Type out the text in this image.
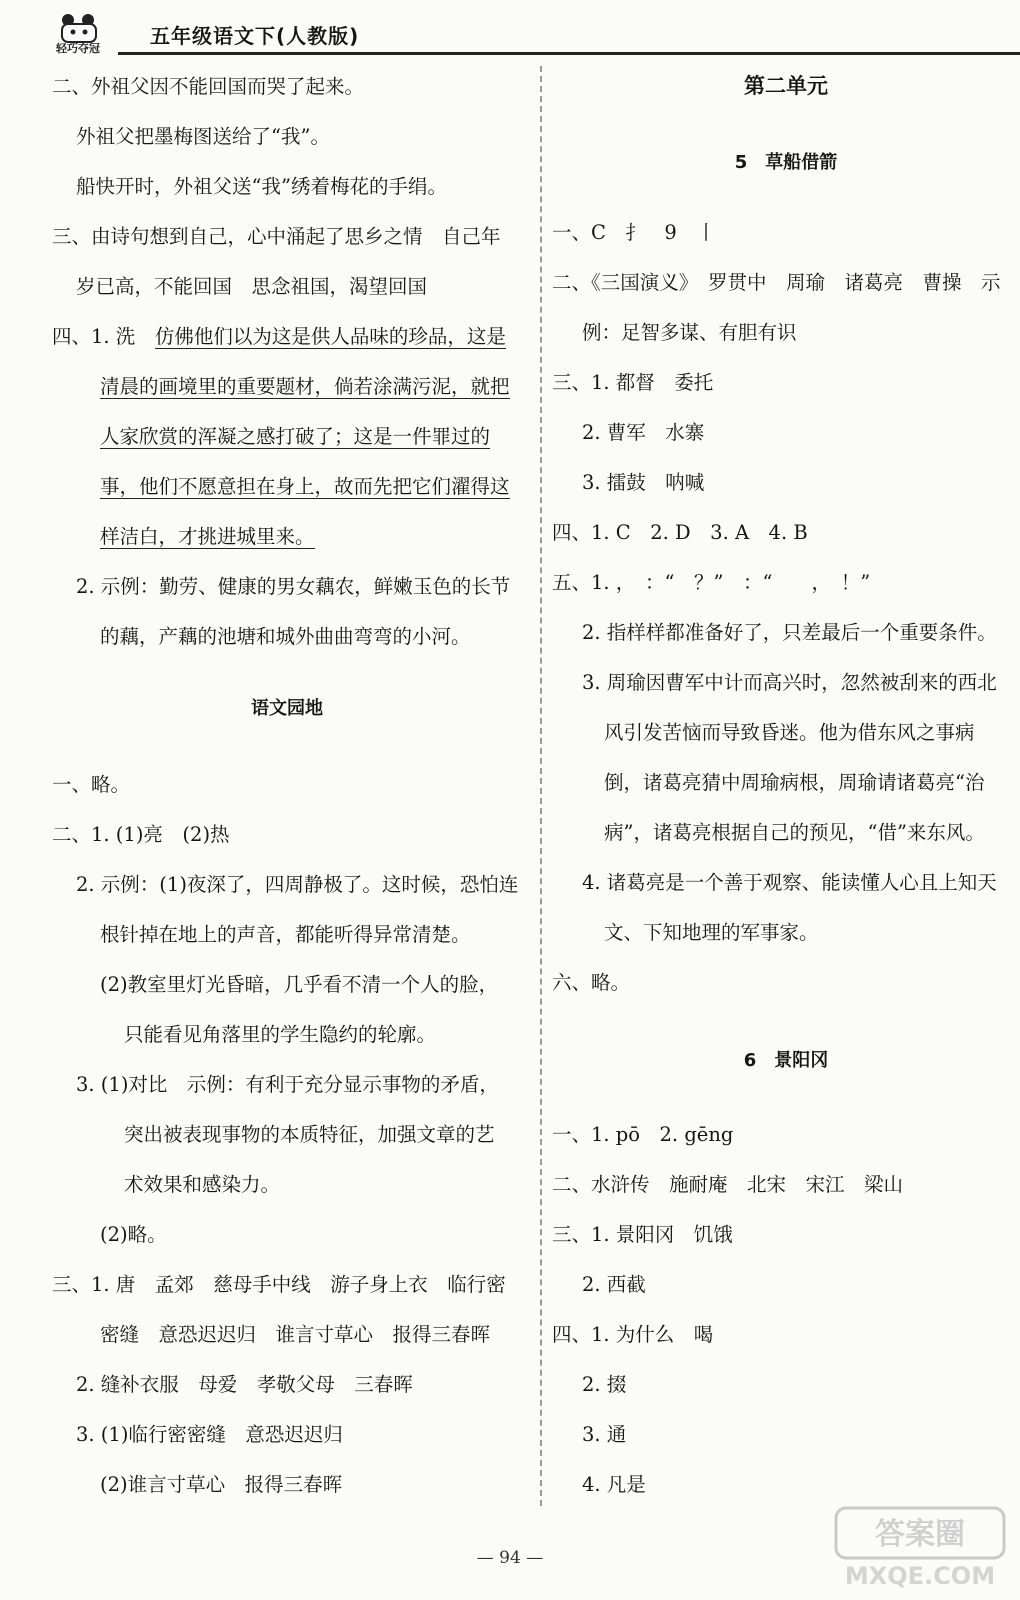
轻巧夺冠
五年级语文下(人教版)
二、外祖父因不能回国而哭了起来。
外祖父把墨梅图送给了“我”。
船快开时，外祖父送“我”绣着梅花的手绢。
三、由诗句想到自己，心中涌起了思乡之情　自己年
岁已高，不能回国　思念祖国，渴望回国
四、1. 洗　仿佛他们以为这是供人品味的珍品，这是
清晨的画境里的重要题材，倘若涂满污泥，就把
人家欣赏的浑凝之感打破了；这是一件罪过的
事，他们不愿意担在身上，故而先把它们濯得这
样洁白，才挑进城里来。
2. 示例：勤劳、健康的男女藕农，鲜嫩玉色的长节
的藕，产藕的池塘和城外曲曲弯弯的小河。
语文园地
一、略。
二、1. (1)亮　(2)热
2. 示例：(1)夜深了，四周静极了。这时候，恐怕连
根针掉在地上的声音，都能听得异常清楚。
(2)教室里灯光昏暗，几乎看不清一个人的脸，
只能看见角落里的学生隐约的轮廓。
3. (1)对比　示例：有利于充分显示事物的矛盾，
突出被表现事物的本质特征，加强文章的艺
术效果和感染力。
(2)略。
三、1. 唐　孟郊　慈母手中线　游子身上衣　临行密
密缝　意恐迟迟归　谁言寸草心　报得三春晖
2. 缝补衣服　母爱　孝敬父母　三春晖
3. (1)临行密密缝　意恐迟迟归
(2)谁言寸草心　报得三春晖
第二单元
5　草船借箭
一、C　扌　9　丨
二、《三国演义》　罗贯中　周瑜　诸葛亮　曹操　示
例：足智多谋、有胆有识
三、1. 都督　委托
2. 曹军　水寨
3. 擂鼓　呐喊
四、1. C　2. D　3. A　4. B
五、1. ，　：“　？”　：“　　，　！”
2. 指样样都准备好了，只差最后一个重要条件。
3. 周瑜因曹军中计而高兴时，忽然被刮来的西北
风引发苦恼而导致昏迷。他为借东风之事病
倒，诸葛亮猜中周瑜病根，周瑜请诸葛亮“治
病”，诸葛亮根据自己的预见，“借”来东风。
4. 诸葛亮是一个善于观察、能读懂人心且上知天
文、下知地理的军事家。
六、略。
6　景阳冈
一、1. pō　2. gēng
二、水浒传　施耐庵　北宋　宋江　梁山
三、1. 景阳冈　饥饿
2. 西截
四、1. 为什么　喝
2. 掇
3. 通
4. 凡是
— 94 —
答案圈
MXQE.COM
